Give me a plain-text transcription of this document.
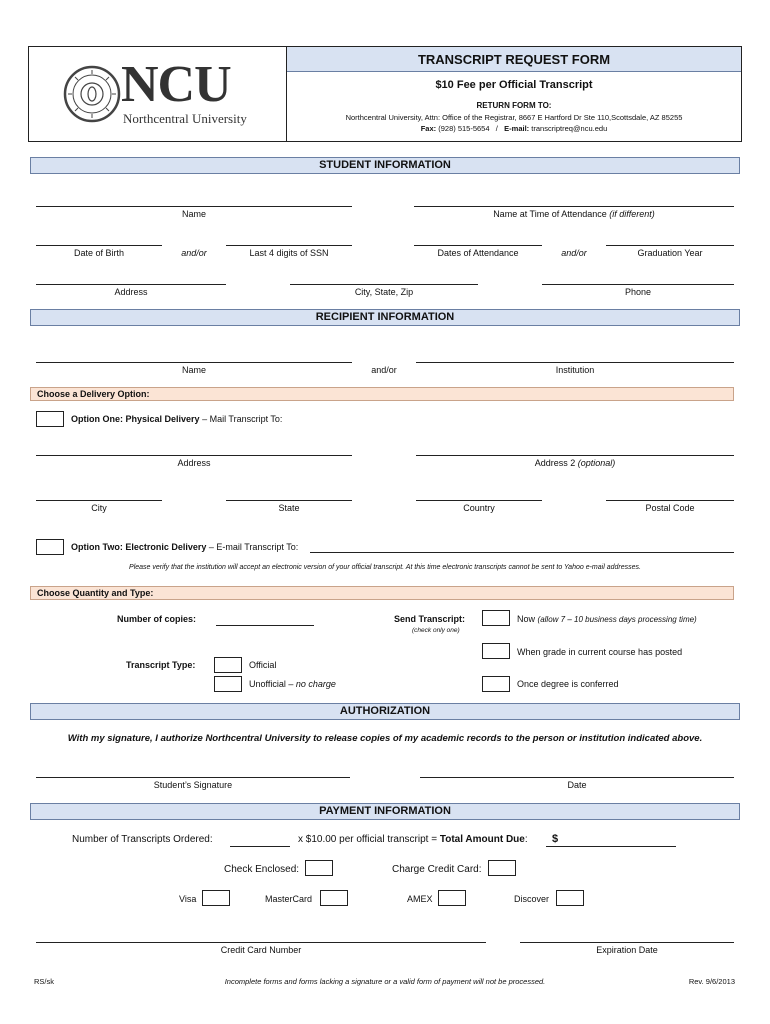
NCU
Northcentral University
TRANSCRIPT REQUEST FORM
$10 Fee per Official Transcript
RETURN FORM TO:
Northcentral University, Attn: Office of the Registrar, 8667 E Hartford Dr Ste 110,Scottsdale, AZ 85255
Fax: (928) 515-5654 / E-mail: transcriptreq@ncu.edu
STUDENT INFORMATION
Name	Name at Time of Attendance (if different)
Date of Birth	and/or	Last 4 digits of SSN	Dates of Attendance	and/or	Graduation Year
Address	City, State, Zip	Phone
RECIPIENT INFORMATION
Name	and/or	Institution
Choose a Delivery Option:
Option One: Physical Delivery – Mail Transcript To:
Address	Address 2 (optional)
City	State	Country	Postal Code
Option Two: Electronic Delivery – E-mail Transcript To:
Please verify that the institution will accept an electronic version of your official transcript. At this time electronic transcripts cannot be sent to Yahoo e-mail addresses.
Choose Quantity and Type:
Number of copies:	Send Transcript:
(check only one)
Now (allow 7 – 10 business days processing time)
When grade in current course has posted
Once degree is conferred
Transcript Type:	Official
Unofficial – no charge
AUTHORIZATION
With my signature, I authorize Northcentral University to release copies of my academic records to the person or institution indicated above.
Student’s Signature	Date
PAYMENT INFORMATION
Number of Transcripts Ordered:	x $10.00 per official transcript = Total Amount Due: $
Check Enclosed:	Charge Credit Card:
Visa	MasterCard	AMEX	Discover
Credit Card Number	Expiration Date
RS/sk	Incomplete forms and forms lacking a signature or a valid form of payment will not be processed.	Rev. 9/6/2013
